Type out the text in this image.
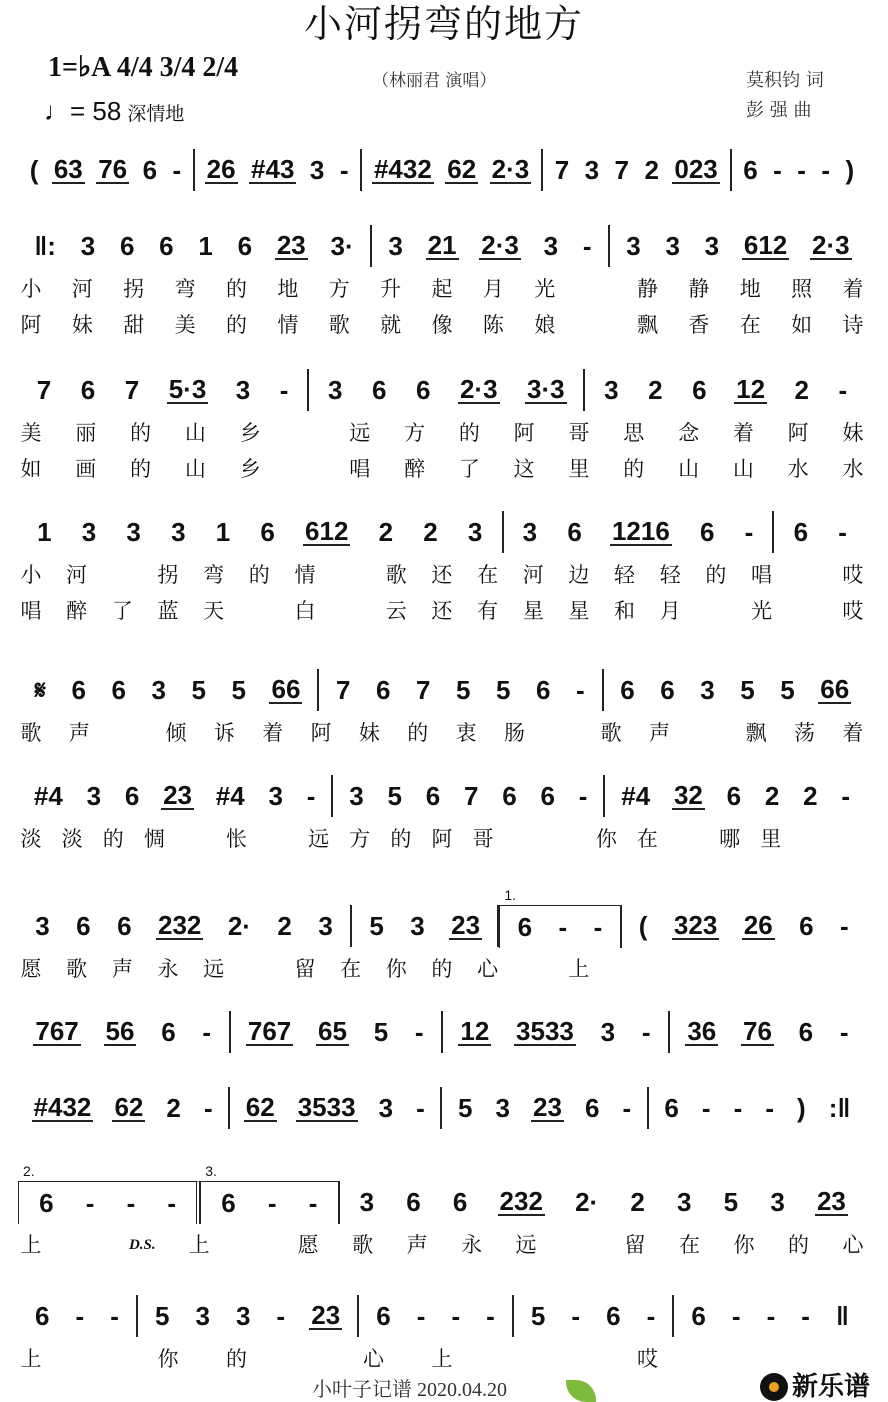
小河拐弯的地方
1=♭A 4/4 3/4 2/4
♩= 58 深情地
（林丽君 演唱）	莫积钧 词
彭 强 曲
( 63 76 6 - 26 #43 3 - #432 62 2·3 7 3 7 2 023 6 - - - )
‖: 3 6 6 1 6 23 3· 3 21 2·3 3 - 3 3 3 612 2·3
小 河 拐 弯 的 地 方 升 起 月 光	静 静 地 照 着
阿 妹 甜 美 的 情 歌 就 像 陈 娘	飘 香 在 如 诗
7 6 7 5·3 3 - 3 6 6 2·3 3·3 3 2 6 12 2 -
美 丽 的 山 乡	远 方 的 阿 哥 思 念 着 阿 妹
如 画 的 山 乡	唱 醉 了 这 里 的 山 山 水 水
1 3 3 3 1 6 612 2 2 3 3 6 1216 6 - 6 -
小 河	拐 弯 的 情	歌 还 在 河 边 轻 轻 的 唱	哎
唱 醉 了 蓝 天	白	云 还 有 星 星 和 月	光	哎
𝄋 6 6 3 5 5 66 7 6 7 5 5 6 - 6 6 3 5 5 66
歌 声	倾 诉 着 阿 妹 的 衷 肠	歌 声	飘 荡 着
#4 3 6 23 #4 3 - 3 5 6 7 6 6 - #4 32 6 2 2 -
淡 淡 的 惆	怅	远 方 的 阿 哥	你 在	哪 里
3 6 6 232 2· 2 3 5 3 23
1.
6 - - ( 323 26 6 -
愿 歌 声 永 远	留 在 你 的 心	上
767 56 6 - 767 65 5 - 12 3533 3 - 36 76 6 -
#432 62 2 - 62 3533 3 - 5 3 23 6 - 6 - - - ) :‖
2.
6 - - -
3.
6 - - 3 6 6 232 2· 2 3 5 3 23
上	D.S. 上	愿 歌 声 永 远	留 在 你 的 心
6 - - 5 3 3 - 23 6 - - - 5 - 6 - 6 - - - ‖
上	你 的	心 上	哎
小叶子记谱 2020.04.20	新乐谱
